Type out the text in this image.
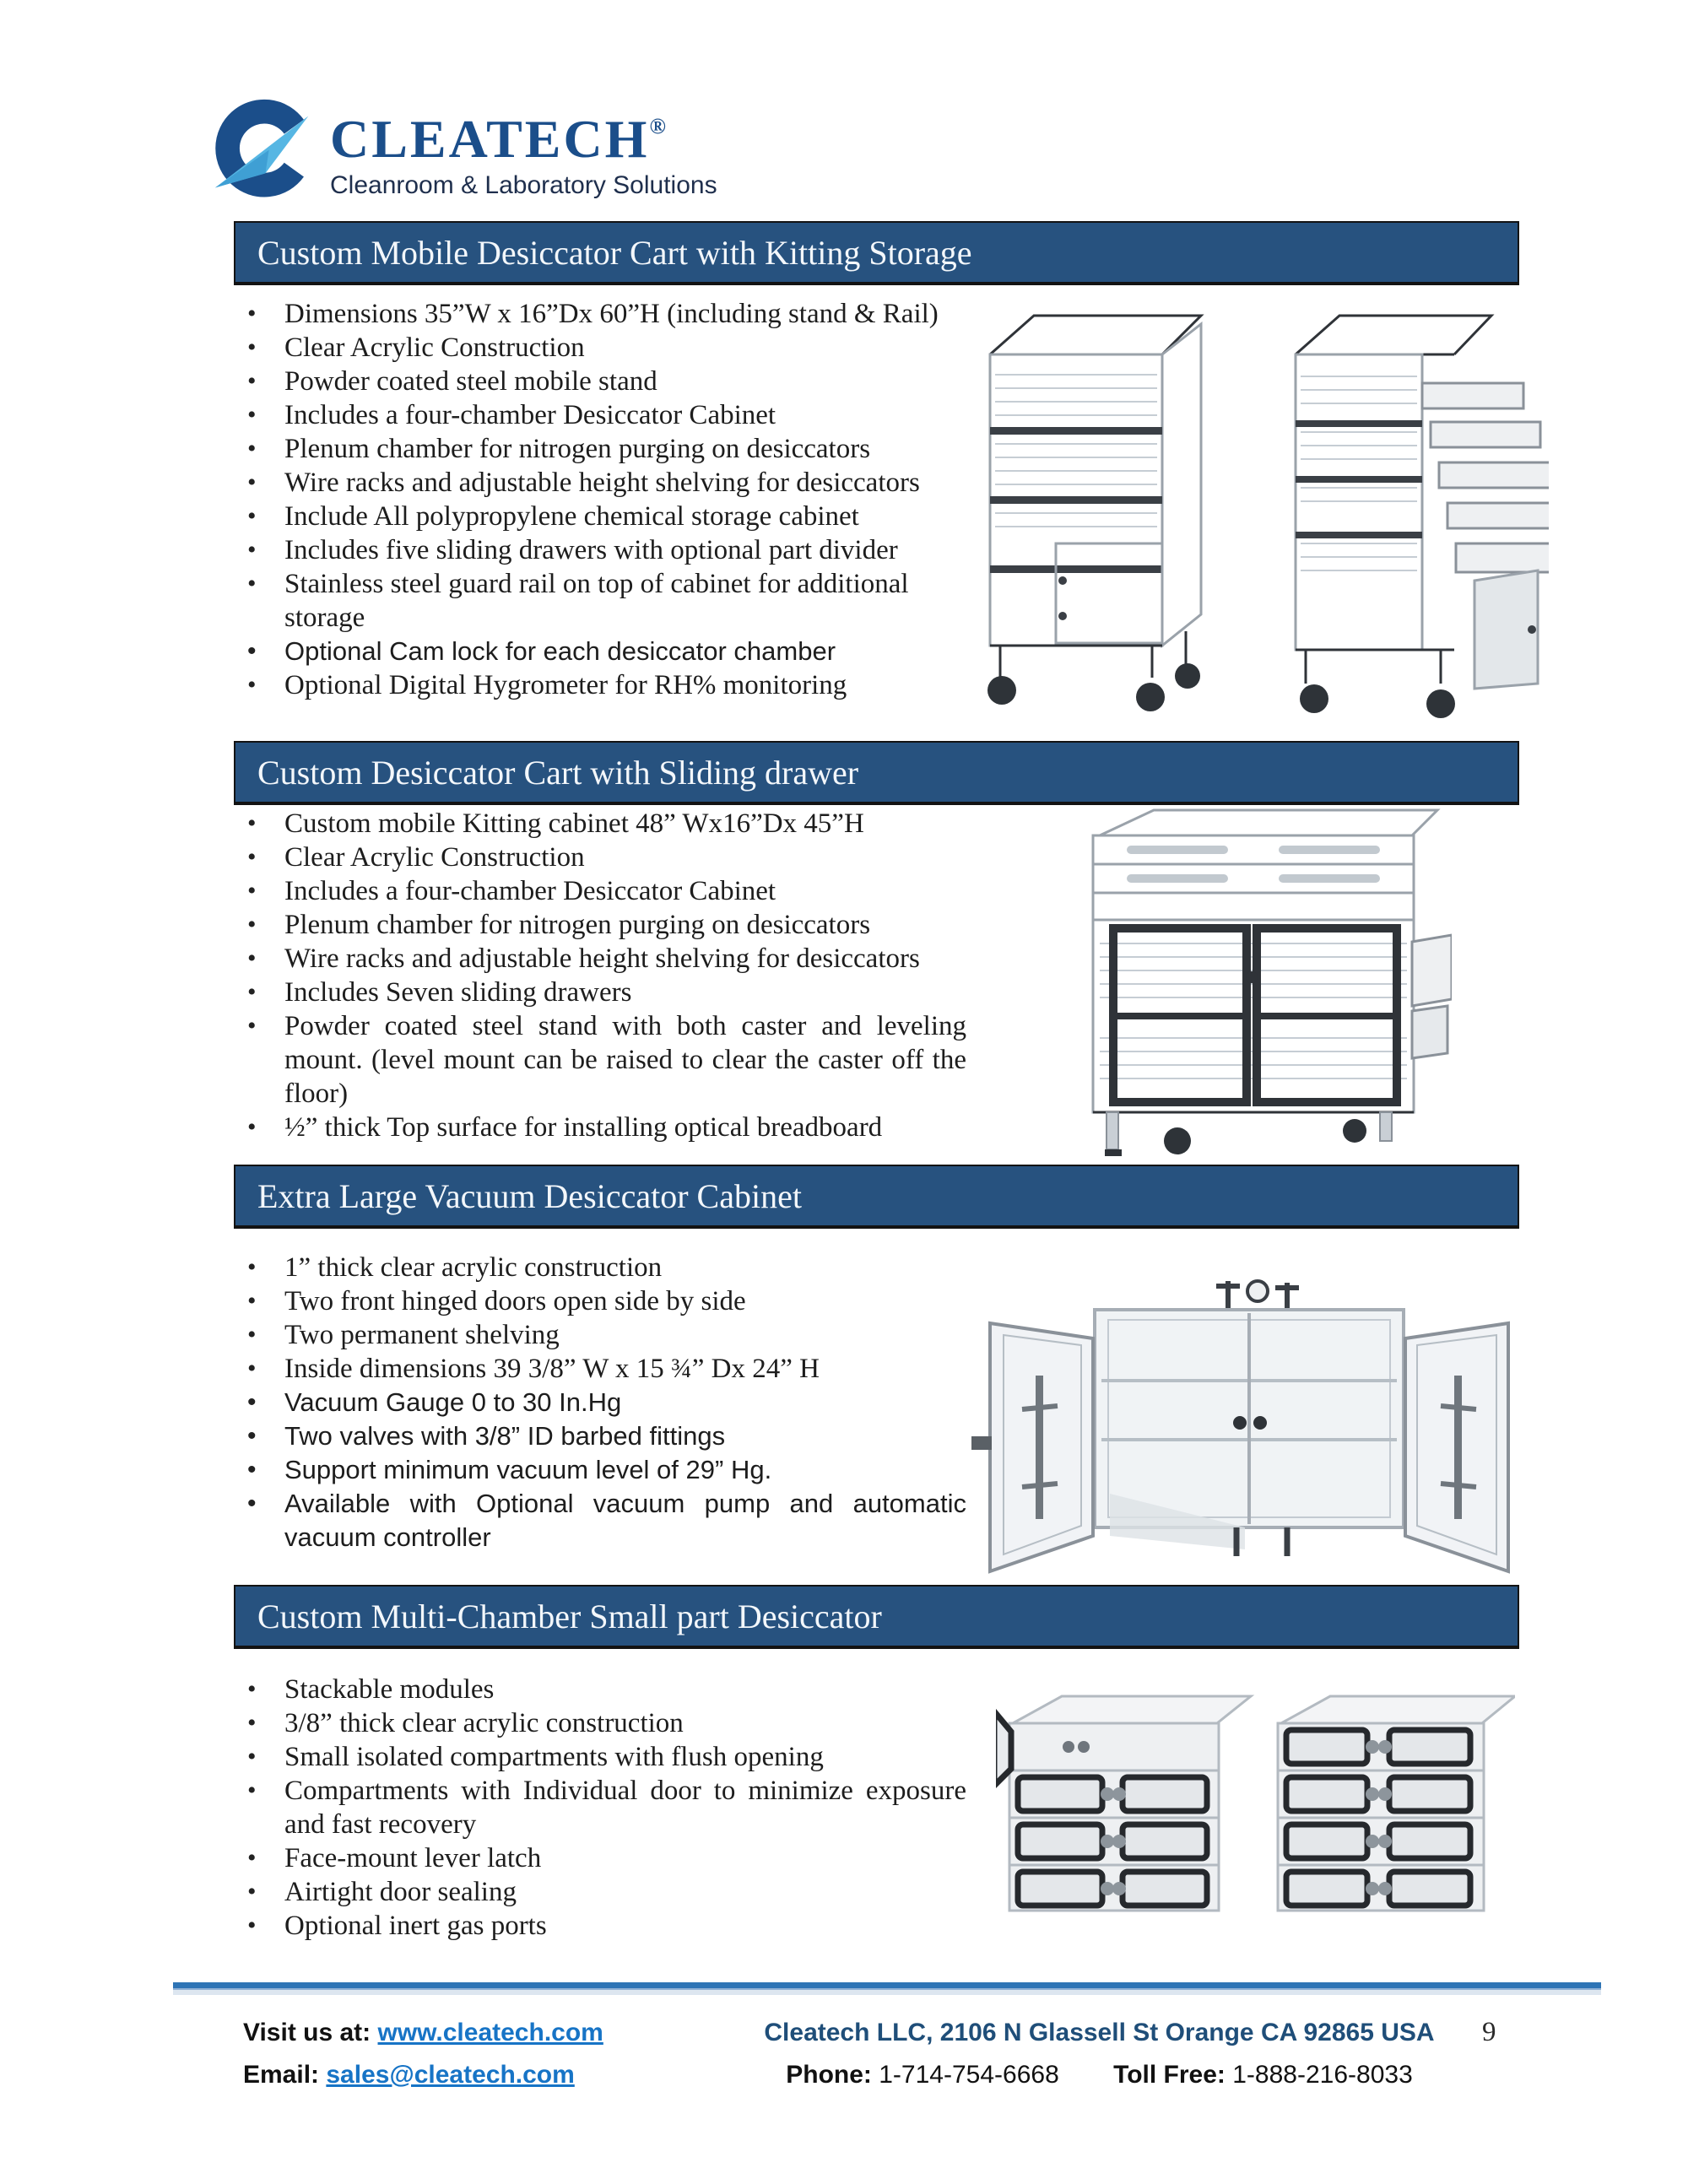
CLEATECH®
Cleanroom & Laboratory Solutions
Custom Mobile Desiccator Cart with Kitting Storage
• Dimensions 35”W x 16”Dx 60”H (including stand & Rail)
• Clear Acrylic Construction
• Powder coated steel mobile stand
• Includes a four-chamber Desiccator Cabinet
• Plenum chamber for nitrogen purging on desiccators
• Wire racks and adjustable height shelving for desiccators
• Include All polypropylene chemical storage cabinet
• Includes five sliding drawers with optional part divider
• Stainless steel guard rail on top of cabinet for additional storage
• Optional Cam lock for each desiccator chamber
• Optional Digital Hygrometer for RH% monitoring
Custom Desiccator Cart with Sliding drawer
• Custom mobile Kitting cabinet 48” Wx16”Dx 45”H
• Clear Acrylic Construction
• Includes a four-chamber Desiccator Cabinet
• Plenum chamber for nitrogen purging on desiccators
• Wire racks and adjustable height shelving for desiccators
• Includes Seven sliding drawers
• Powder coated steel stand with both caster and leveling mount. (level mount can be raised to clear the caster off the floor)
• ½” thick Top surface for installing optical breadboard
Extra Large Vacuum Desiccator Cabinet
• 1” thick clear acrylic construction
• Two front hinged doors open side by side
• Two permanent shelving
• Inside dimensions 39 3/8” W x 15 ¾” Dx 24” H
• Vacuum Gauge 0 to 30 In.Hg
• Two valves with 3/8” ID barbed fittings
• Support minimum vacuum level of 29” Hg.
• Available with Optional vacuum pump and automatic vacuum controller
Custom Multi-Chamber Small part Desiccator
• Stackable modules
• 3/8” thick clear acrylic construction
• Small isolated compartments with flush opening
• Compartments with Individual door to minimize exposure and fast recovery
• Face-mount lever latch
• Airtight door sealing
• Optional inert gas ports
Visit us at: www.cleatech.com
Email: sales@cleatech.com
Cleatech LLC, 2106 N Glassell St Orange CA 92865 USA
Phone: 1-714-754-6668 Toll Free: 1-888-216-8033
9
